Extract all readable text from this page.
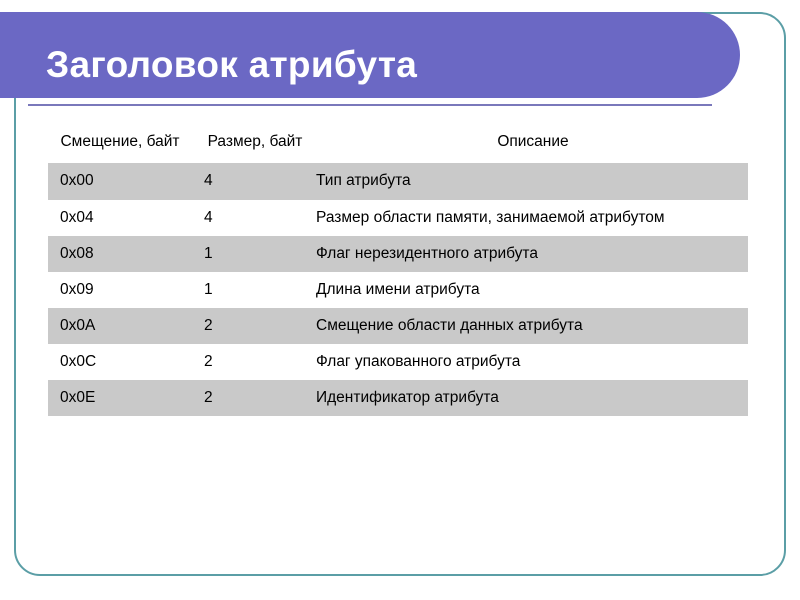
Заголовок атрибута
Смещение, байт	Размер, байт	Описание
0x00	4	Тип атрибута
0x04	4	Размер области памяти, занимаемой атрибутом
0x08	1	Флаг нерезидентного атрибута
0x09	1	Длина имени атрибута
0x0A	2	Смещение области данных атрибута
0x0C	2	Флаг упакованного атрибута
0x0E	2	Идентификатор атрибута
